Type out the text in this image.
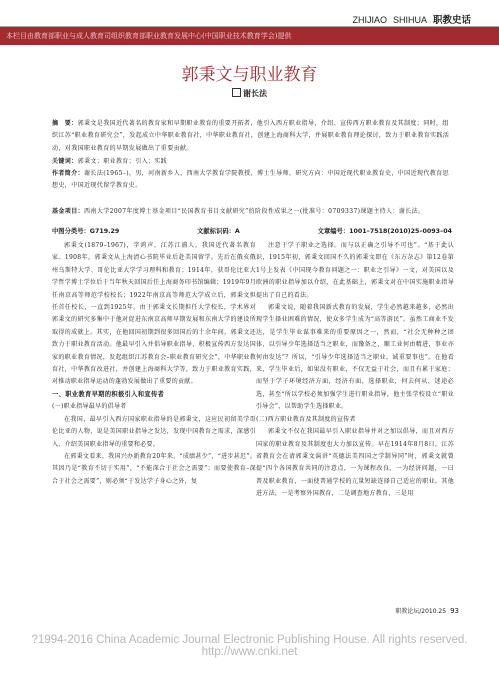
ZHIJIAO SHIHUA 职教史话
本栏目由教育部职业与成人教育司组织教育部职业教育发展中心(中国职业技术教育学会)提供
郭秉文与职业教育
谢长法
摘　要：郭秉文是我国近代著名的教育家和早期职业教育的重要开拓者，他引入西方职业指导，介绍、宣传西方职业教育及其制度；同时，组织江苏“职业教育研究会”，发起成立中华职业教育社，中华职业教育社，创建上海商科大学，并展职业教育理论探讨，致力于职业教育实践活动，对我国职业教育的早期发展做出了重要贡献。
关键词：郭秉文；职业教育；引入；实践
作者简介：谢长法(1965–)，男，河南新乡人，西南大学教育学院教授，博士生导师，研究方向：中国近现代职业教育史，中国近现代教育思想史，中国近现代留学教育史。
基金项目：西南大学2007年度博士基金项目“民国教育书目文献研究”的阶段性成果之一(批准号：0709337)课题主持人：谢长法。
中图分类号：G719.29	文献标识码：A	文章编号：1001–7518(2010)25–0093–04

郭秉文(1879–1967)，字鸿声，江苏江浦人，我国近代著名教育家。1908年，郭秉文从上海清心书院毕业后赴美国留学。先后在俄亥俄州乌斯特大学、哥伦比亚大学学习理科和教育；1914年，获哥伦比亚大学哲学博士学位后于当年秋天回国后任上海商务印书馆编辑；1919年9月任南京高等师范学校校长；1922年南京高等师范大学成立后，郭秉文担任首任校长，一直到1925年。由于郭秉文长期担任大学校长，学术界对郭秉文的研究多集中于他对促进东南京高师早期发展和东南大学的建设所取得的成就上。其实，在他回国初期到很多回国后的十余年间，郭秉文还致力于职业教育活动。他最早引入并倡导职业指导，积极宣传西方发达国家的职业教育情况，发起组织江苏教育会–职业教育研究会”，中华职业教育社，中华教育改进社，并创建上海商科大学等，致力于职业教育实践，对推动职业指导运动的蓬勃发展做出了重要的贡献。

一、职业教育早期的积极引入和宣传者
(一)职业指导最早的倡导者

在我国，最早引入西方国家职业指导的是郭秉文，这应民初留美学哥伦比亚的人物，说是美国职业指导之发达，发现中国教育之需求，深感引入、介绍美国职业指导的重要和必要。

在郭秉文看来，我国兴办新教育20年来，“成绩甚少”，“进步甚迟”。其因乃是“教育不切于实用”，“不能深合于社会之需要”；而要使教育–深合于社会之需要”，则必须“于发达学子身心之外，复

注意于学子职业之选择。而与以正确之引导不可也”。“基于此认识，1915年初，郭秉文回国不久的郭秉文即在《东方杂志》第12卷第1号上发表《中国现今教育问题之一：职业之引导》一文，对美国以及欧洲的职业指导加以介绍，在此基础上，郭秉文对在中国实施职业指导提出了自己的看法。

郭秉文说，随着我国新式教育的发展，学生必然越来越多，必然出现学生择业困难的情况，使众多学生成为“高等游民”。虽然工商业不发达，是学生毕业谋事难来的重要原因之一，然而，“社会无种种之团体，以引导少年选择适当之职业，而豫备之，顺工业何由精进，事业亦何由发达”？所以，“引导少年选择适当之职业，诚重要事也”。在他看来，学生毕业后，如果没有职业，不仅无益于社会，而且有累于家庭；而坚于学子环境经济方面，经济有面，选择职业，何去何从，迷途必选，甚至“所以学校必须加强学生进行职业指导，他主张学校设立“职业引导会”，以帮助学生选择职业。

(二)西方职业教育及其制度的宣传者

郭秉文不仅在我国最早引入职业指导并对之加以倡导，而且对西方国家的职业教育及其制度也大力加以宣传。早在1914年8月8日，江苏省教育会在请郭秉文演讲“英德法美四国之学制异同”时，郭秉文就曾提“四个各国教育共同的注意点，一为课程改良，一为经济问题，一曰普及职业教育，一面使普通学校的亢量短缺连择自己适应的职业。其他进方法，一是考察外国教育，二是调查地方教育，三是用

职教论坛/2010.25 93
?1994-2016 China Academic Journal Electronic Publishing House. All rights reserved. http://www.cnki.net
